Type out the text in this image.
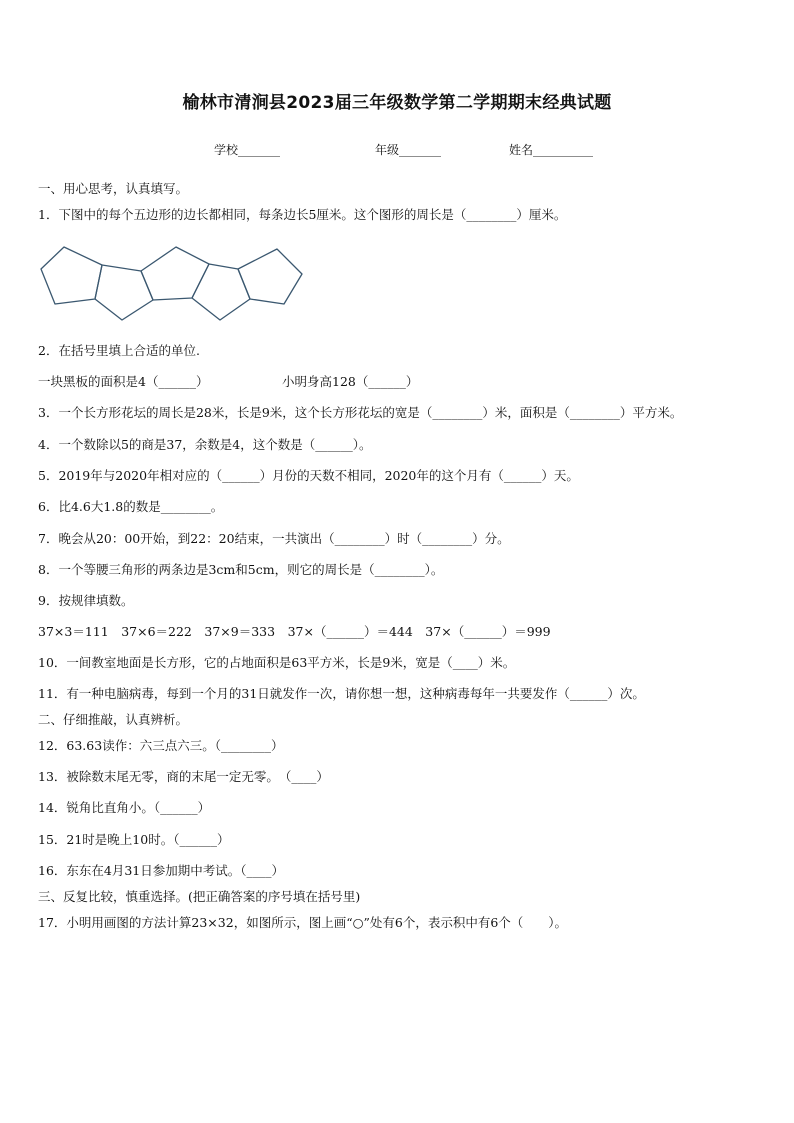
榆林市清涧县2023届三年级数学第二学期期末经典试题
学校_______	年级_______	姓名__________
一、用心思考，认真填写。
1．下图中的每个五边形的边长都相同，每条边长5厘米。这个图形的周长是（________）厘米。
2．在括号里填上合适的单位.
一块黑板的面积是4（______）	小明身高128（______）
3．一个长方形花坛的周长是28米，长是9米，这个长方形花坛的宽是（________）米，面积是（________）平方米。
4．一个数除以5的商是37，余数是4，这个数是（______）。
5．2019年与2020年相对应的（______）月份的天数不相同，2020年的这个月有（______）天。
6．比4.6大1.8的数是________。
7．晚会从20：00开始，到22：20结束，一共演出（________）时（________）分。
8．一个等腰三角形的两条边是3cm和5cm，则它的周长是（________）。
9．按规律填数。
37×3＝111　37×6＝222　37×9＝333　37×（______）＝444　37×（______）＝999
10．一间教室地面是长方形，它的占地面积是63平方米，长是9米，宽是（____）米。
11．有一种电脑病毒，每到一个月的31日就发作一次，请你想一想，这种病毒每年一共要发作（______）次。
二、仔细推敲，认真辨析。
12．63.63读作：六三点六三。（________）
13．被除数末尾无零，商的末尾一定无零。　（____）
14．锐角比直角小。（______）
15．21时是晚上10时。（______）
16．东东在4月31日参加期中考试。（____）
三、反复比较，慎重选择。(把正确答案的序号填在括号里)
17．小明用画图的方法计算23×32，如图所示，图上画“○”处有6个，表示积中有6个（　　）。
